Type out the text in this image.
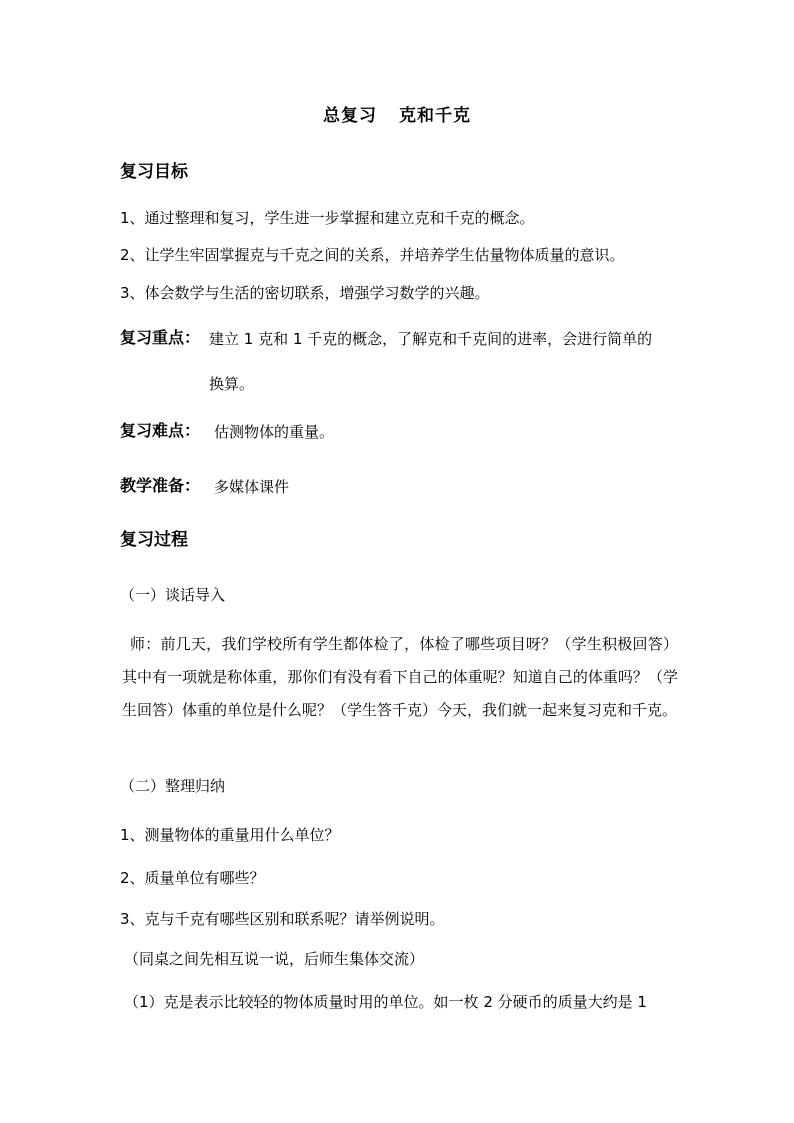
总复习 克和千克
复习目标
1、通过整理和复习，学生进一步掌握和建立克和千克的概念。
2、让学生牢固掌握克与千克之间的关系，并培养学生估量物体质量的意识。
3、体会数学与生活的密切联系，增强学习数学的兴趣。
复习重点： 建立 1 克和 1 千克的概念，了解克和千克间的进率，会进行简单的
换算。
复习难点： 估测物体的重量。
教学准备： 多媒体课件
复习过程
（一）谈话导入
师：前几天，我们学校所有学生都体检了，体检了哪些项目呀？（学生积极回答）其中有一项就是称体重，那你们有没有看下自己的体重呢？知道自己的体重吗？（学生回答）体重的单位是什么呢？（学生答千克）今天，我们就一起来复习克和千克。
（二）整理归纳
1、测量物体的重量用什么单位？
2、质量单位有哪些？
3、克与千克有哪些区别和联系呢？请举例说明。
（同桌之间先相互说一说，后师生集体交流）
（1）克是表示比较轻的物体质量时用的单位。如一枚 2 分硬币的质量大约是 1
